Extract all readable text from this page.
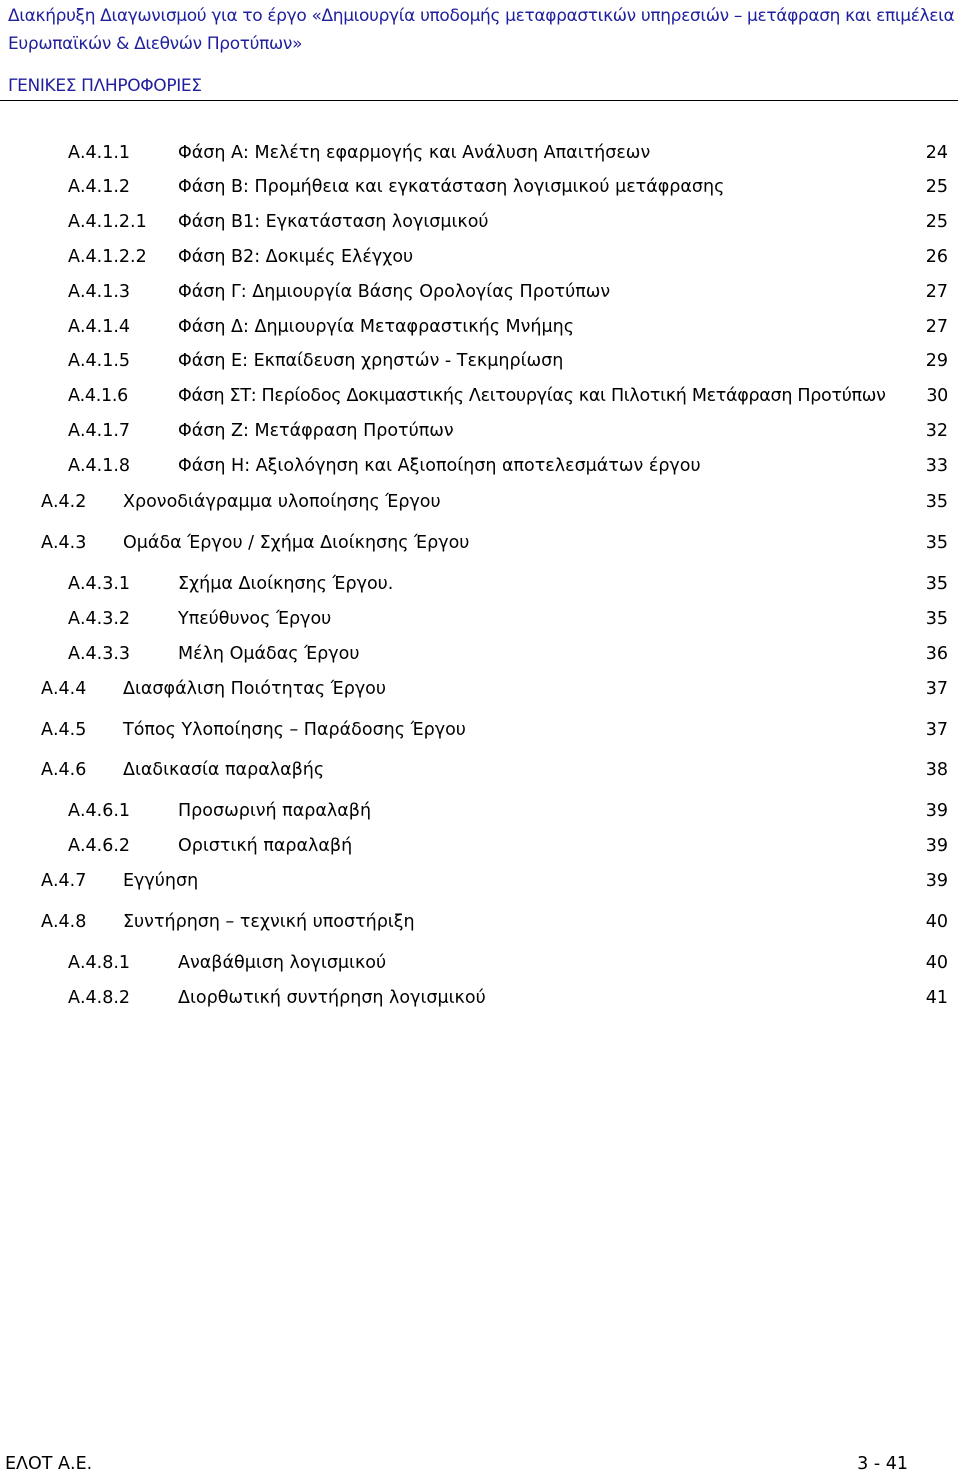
Διακήρυξη Διαγωνισμού για το έργο «Δημιουργία υποδομής μεταφραστικών υπηρεσιών – μετάφραση και επιμέλεια
Ευρωπαϊκών & Διεθνών Προτύπων»
ΓΕΝΙΚΕΣ ΠΛΗΡΟΦΟΡΙΕΣ
Α.4.1.1	Φάση Α: Μελέτη εφαρμογής και Ανάλυση Απαιτήσεων	24
Α.4.1.2	Φάση Β: Προμήθεια και εγκατάσταση λογισμικού μετάφρασης	25
Α.4.1.2.1 Φάση Β1: Εγκατάσταση λογισμικού	25
Α.4.1.2.2 Φάση Β2: Δοκιμές Ελέγχου	26
Α.4.1.3	Φάση Γ: Δημιουργία Βάσης Ορολογίας Προτύπων	27
Α.4.1.4	Φάση Δ: Δημιουργία Μεταφραστικής Μνήμης	27
Α.4.1.5	Φάση Ε: Εκπαίδευση χρηστών - Τεκμηρίωση	29
Α.4.1.6	Φάση ΣΤ: Περίοδος Δοκιμαστικής Λειτουργίας και Πιλοτική Μετάφραση Προτύπων 30
Α.4.1.7	Φάση Ζ: Μετάφραση Προτύπων	32
Α.4.1.8	Φάση Η: Αξιολόγηση και Αξιοποίηση αποτελεσμάτων έργου	33
Α.4.2 Χρονοδιάγραμμα υλοποίησης Έργου	35
Α.4.3 Ομάδα Έργου / Σχήμα Διοίκησης Έργου	35
Α.4.3.1	Σχήμα Διοίκησης Έργου.	35
Α.4.3.2	Υπεύθυνος Έργου	35
Α.4.3.3	Μέλη Ομάδας Έργου	36
Α.4.4 Διασφάλιση Ποιότητας Έργου	37
Α.4.5 Τόπος Υλοποίησης – Παράδοσης Έργου	37
Α.4.6 Διαδικασία παραλαβής	38
Α.4.6.1	Προσωρινή παραλαβή	39
Α.4.6.2	Οριστική παραλαβή	39
Α.4.7 Εγγύηση	39
Α.4.8 Συντήρηση – τεχνική υποστήριξη	40
Α.4.8.1	Αναβάθμιση λογισμικού	40
Α.4.8.2	Διορθωτική συντήρηση λογισμικού	41
ΕΛΟΤ Α.Ε.	3 - 41
